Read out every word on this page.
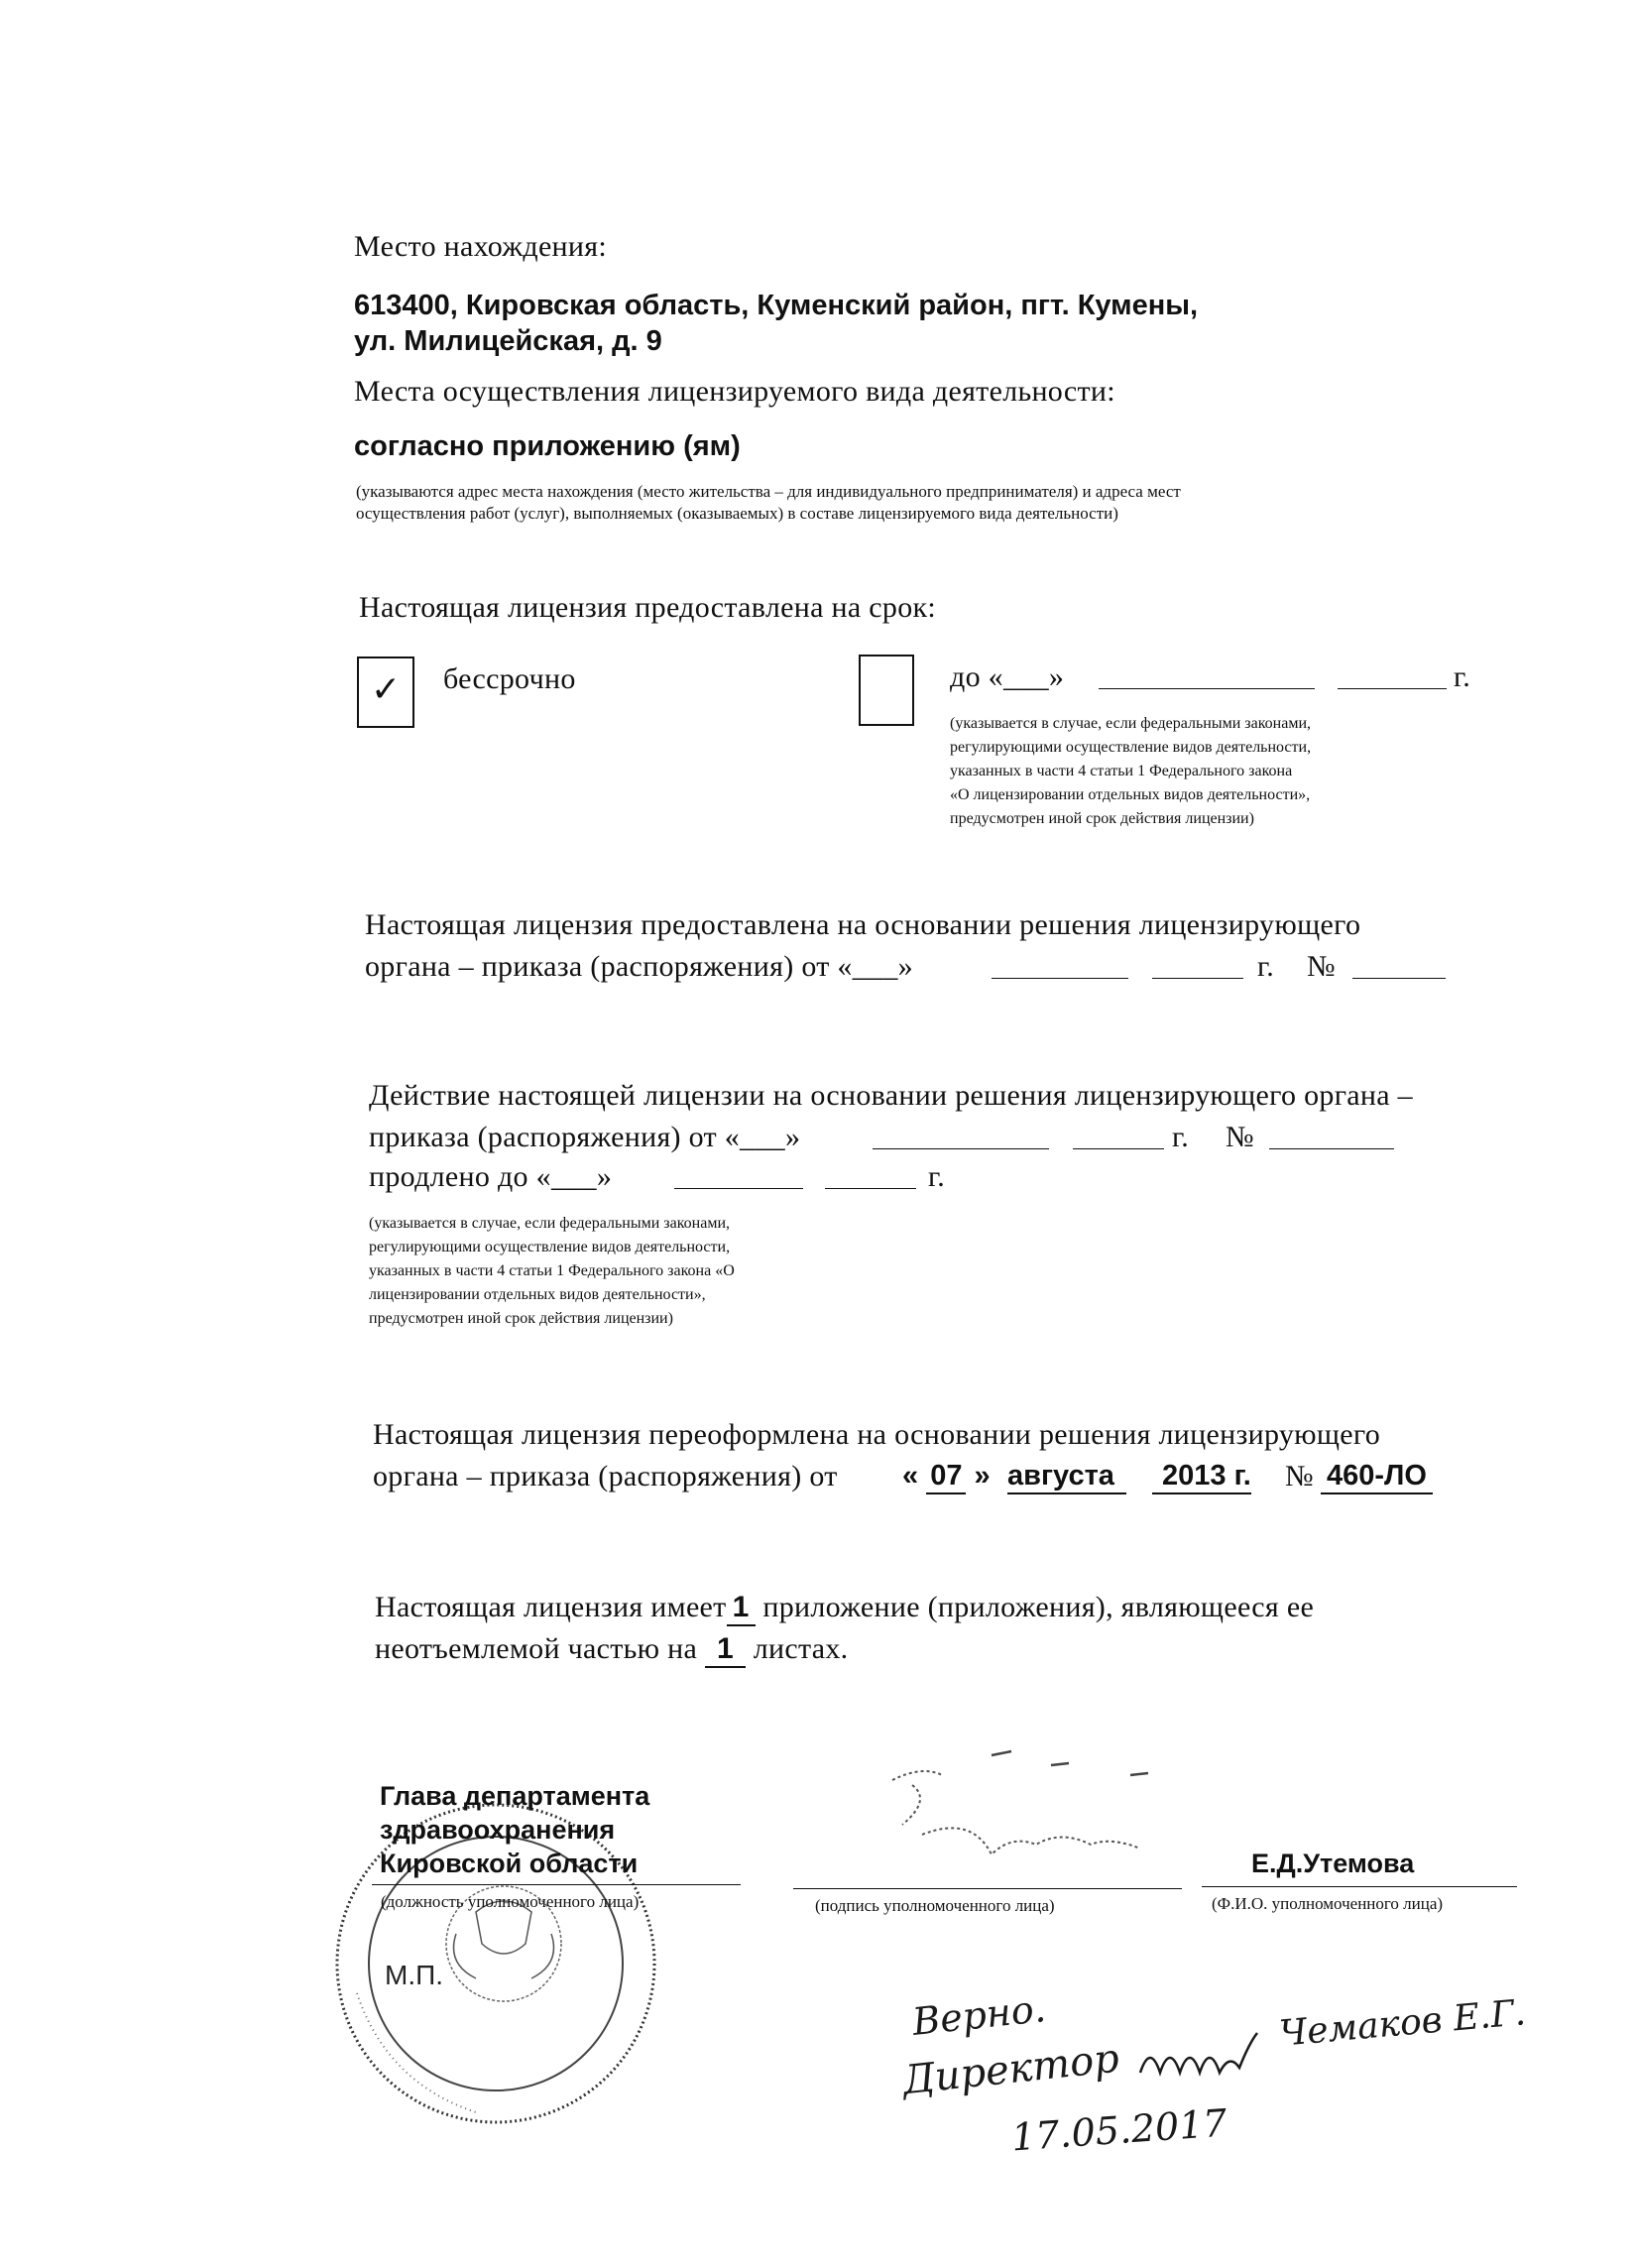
Место нахождения:
613400, Кировская область, Куменский район, пгт. Кумены,
ул. Милицейская, д. 9
Места осуществления лицензируемого вида деятельности:
согласно приложению (ям)
(указываются адрес места нахождения (место жительства – для индивидуального предпринимателя) и адреса мест
осуществления работ (услуг), выполняемых (оказываемых) в составе лицензируемого вида деятельности)
Настоящая лицензия предоставлена на срок:
✓ бессрочно	до «___»	г.
(указывается в случае, если федеральными законами,
регулирующими осуществление видов деятельности,
указанных в части 4 статьи 1 Федерального закона
«О лицензировании отдельных видов деятельности»,
предусмотрен иной срок действия лицензии)
Настоящая лицензия предоставлена на основании решения лицензирующего
органа – приказа (распоряжения) от «___»	г. №
Действие настоящей лицензии на основании решения лицензирующего органа –
приказа (распоряжения) от «___»	г. №
продлено до «___»	г.
(указывается в случае, если федеральными законами,
регулирующими осуществление видов деятельности,
указанных в части 4 статьи 1 Федерального закона «О
лицензировании отдельных видов деятельности»,
предусмотрен иной срок действия лицензии)
Настоящая лицензия переоформлена на основании решения лицензирующего
органа – приказа (распоряжения) от « 07 » августа	2013 г. № 460-ЛО
Настоящая лицензия имеет 1 приложение (приложения), являющееся ее
неотъемлемой частью на 1 листах.
Глава департамента
здравоохранения
Кировской области
(должность уполномоченного лица)
М.П.
(подпись уполномоченного лица)
Е.Д.Утемова
(Ф.И.О. уполномоченного лица)
Верно.
Директор
Чемаков Е.Г.
17.05.2017
